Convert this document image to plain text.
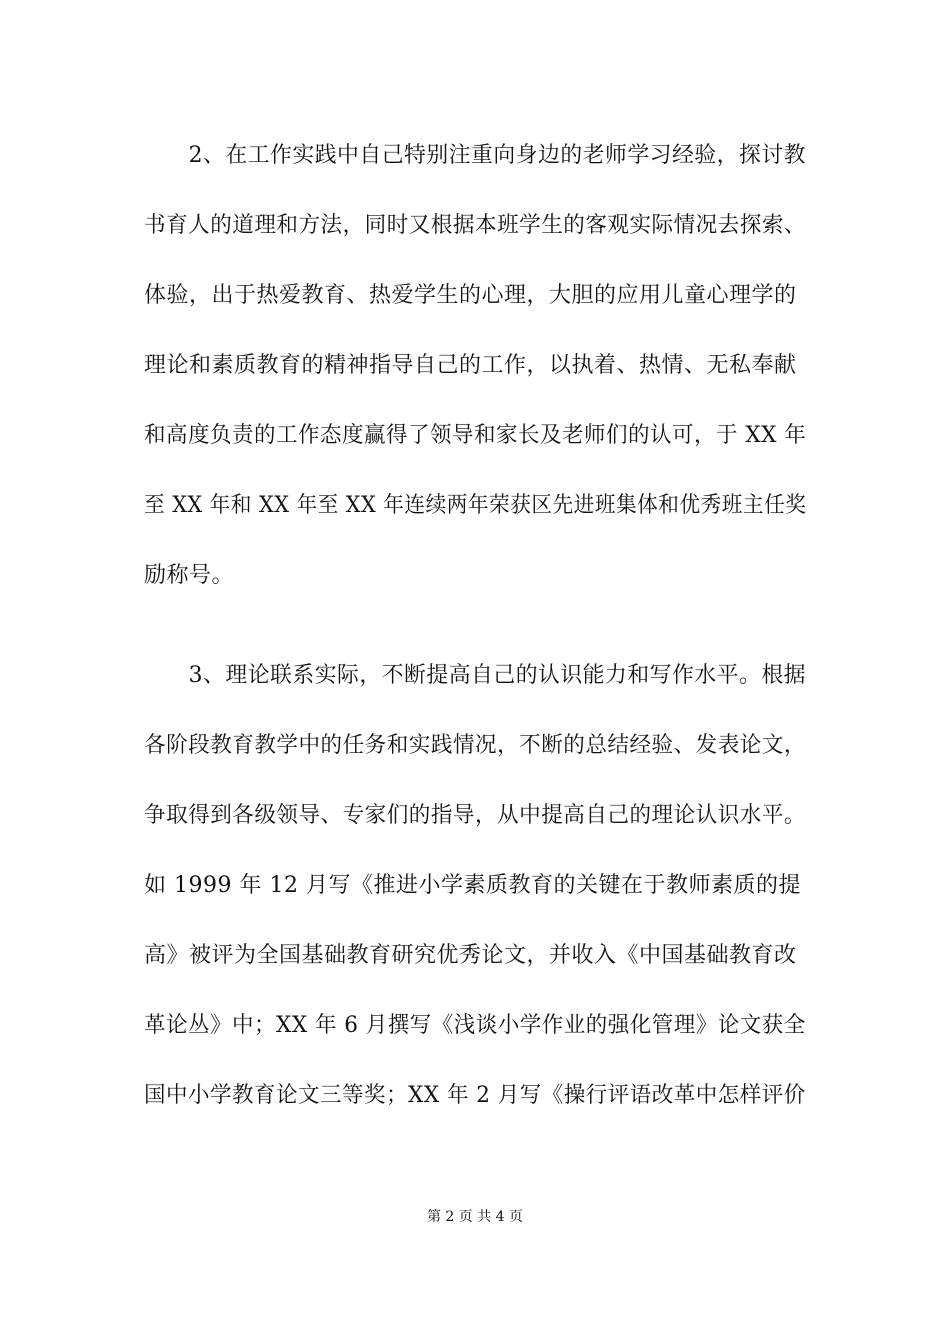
　　2、在工作实践中自己特别注重向身边的老师学习经验，探讨教
书育人的道理和方法，同时又根据本班学生的客观实际情况去探索、
体验，出于热爱教育、热爱学生的心理，大胆的应用儿童心理学的
理论和素质教育的精神指导自己的工作，以执着、热情、无私奉献
和高度负责的工作态度赢得了领导和家长及老师们的认可，于 XX 年
至 XX 年和 XX 年至 XX 年连续两年荣获区先进班集体和优秀班主任奖
励称号。
　　3、理论联系实际，不断提高自己的认识能力和写作水平。根据
各阶段教育教学中的任务和实践情况，不断的总结经验、发表论文，
争取得到各级领导、专家们的指导，从中提高自己的理论认识水平。
如 1999 年 12 月写《推进小学素质教育的关键在于教师素质的提
高》被评为全国基础教育研究优秀论文，并收入《中国基础教育改
革论丛》中；XX 年 6 月撰写《浅谈小学作业的强化管理》论文获全
国中小学教育论文三等奖；XX 年 2 月写《操行评语改革中怎样评价
第 2 页 共 4 页
